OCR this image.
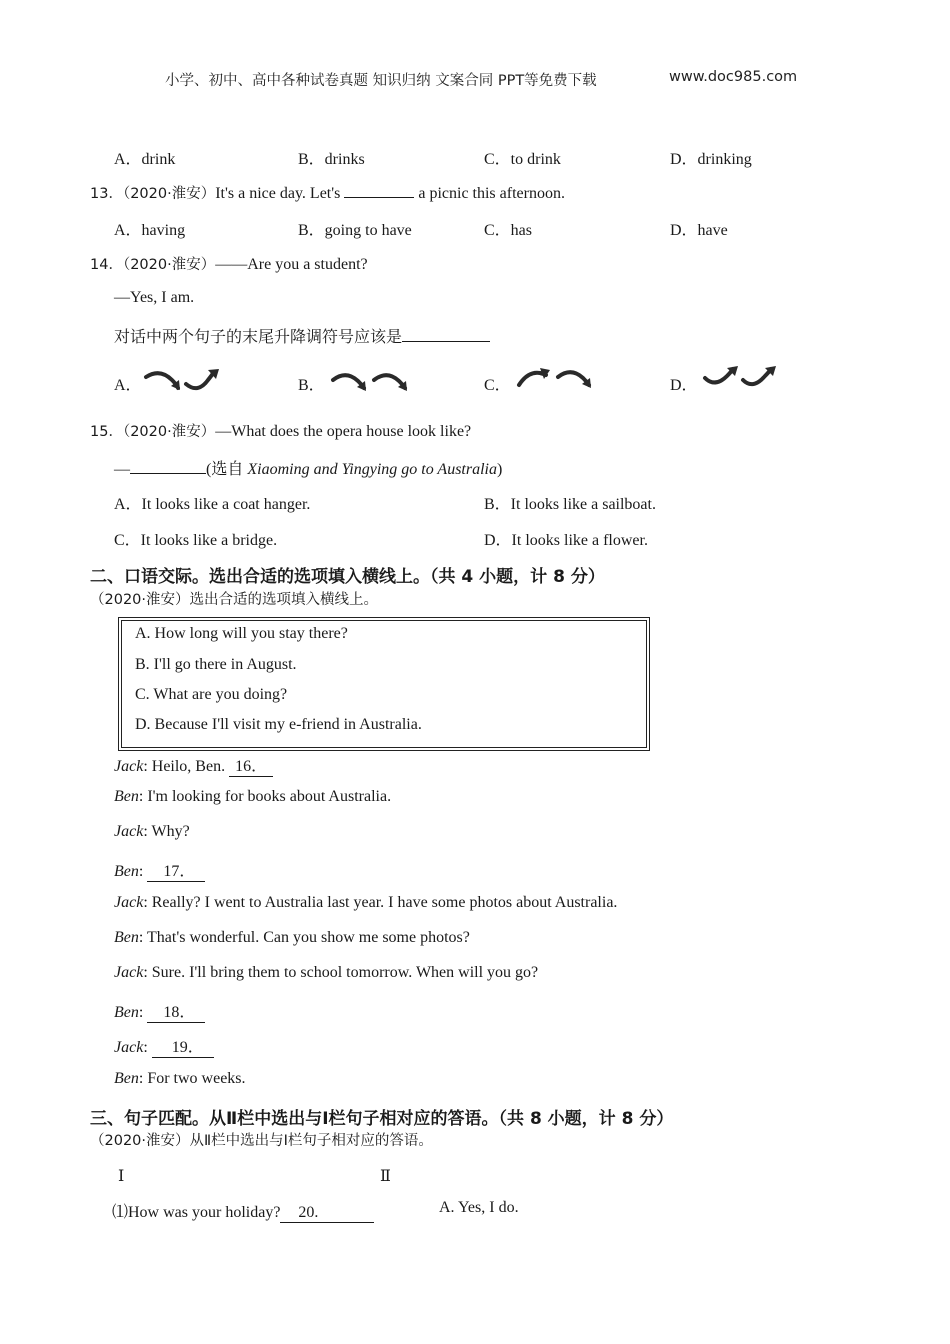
小学、初中、高中各种试卷真题 知识归纳 文案合同 PPT等免费下载	www.doc985.com
A．drink	B．drinks	C．to drink	D．drinking
13．（2020·淮安）It's a nice day. Let's	a picnic this afternoon.
A．having	B．going to have	C．has	D．have
14．（2020·淮安）——Are you a student?
—Yes, I am.
对话中两个句子的末尾升降调符号应该是
A．	B．	C．	D．
15．（2020·淮安）—What does the opera house look like?
—	(选自 Xiaoming and Yingying go to Australia)
A．It looks like a coat hanger.	B．It looks like a sailboat.
C．It looks like a bridge.	D．It looks like a flower.
二、口语交际。选出合适的选项填入横线上。（共 4 小题，计 8 分）
（2020·淮安）选出合适的选项填入横线上。
A. How long will you stay there?
B. I'll go there in August.
C. What are you doing?
D. Because I'll visit my e-friend in Australia.
Jack: Heilo, Ben. 16．
Ben: I'm looking for books about Australia.
Jack: Why?
Ben: 17．
Jack: Really? I went to Australia last year. I have some photos about Australia.
Ben: That's wonderful. Can you show me some photos?
Jack: Sure. I'll bring them to school tomorrow. When will you go?
Ben: 18．
Jack: 19．
Ben: For two weeks.
三、句子匹配。从Ⅱ栏中选出与Ⅰ栏句子相对应的答语。（共 8 小题，计 8 分）
（2020·淮安）从Ⅱ栏中选出与Ⅰ栏句子相对应的答语。
Ⅰ	Ⅱ
⑴How was your holiday? 20.	A. Yes, I do.
